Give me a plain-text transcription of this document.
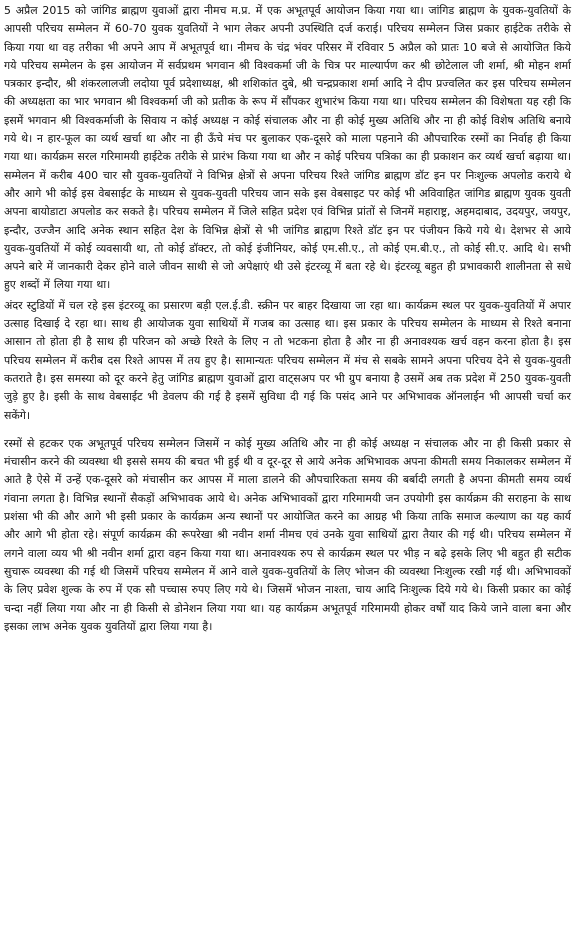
5 अप्रैल 2015 को जांगिड ब्राह्मण युवाओं द्वारा नीमच म.प्र. में एक अभूतपूर्व आयोजन किया गया था। जांगिड ब्राह्मण के युवक-युवतियों के आपसी परिचय सम्मेलन में 60-70 युवक युवतियों ने भाग लेकर अपनी उपस्थिति दर्ज कराई। परिचय सम्मेलन जिस प्रकार हाईटेक तरीके से किया गया था वह तरीका भी अपने आप में अभूतपूर्व था। नीमच के चंद्र भंवर परिसर में रविवार 5 अप्रैल को प्रातः 10 बजे से आयोजित किये गये परिचय सम्मेलन के इस आयोजन में सर्वप्रथम भगवान श्री विश्वकर्मा जी के चित्र पर माल्यार्पण कर श्री छोटेलाल जी शर्मा, श्री मोहन शर्मा पत्रकार इन्दौर, श्री शंकरलालजी लदोया पूर्व प्रदेशाध्यक्ष, श्री शशिकांत दुबे, श्री चन्द्रप्रकाश शर्मा आदि ने दीप प्रज्वलित कर इस परिचय सम्मेलन की अध्यक्षता का भार भगवान श्री विश्वकर्मा जी को प्रतीक के रूप में सौंपकर शुभारंभ किया गया था। परिचय सम्मेलन की विशेषता यह रही कि इसमें भगवान श्री विश्वकर्माजी के सिवाय न कोई अध्यक्ष न कोई संचालक और ना ही कोई मुख्य अतिथि और ना ही कोई विशेष अतिथि बनाये गये थे। न हार-फूल का व्यर्थ खर्चा था और ना ही ऊँचे मंच पर बुलाकर एक-दूसरे को माला पहनाने की औपचारिक रस्मों का निर्वाह ही किया गया था। कार्यक्रम सरल गरिमामयी हाईटेक तरीके से प्रारंभ किया गया था और न कोई परिचय पत्रिका का ही प्रकाशन कर व्यर्थ खर्चा बढ़ाया था। सम्मेलन में करीब 400 चार सौ युवक-युवतियों ने विभिन्न क्षेत्रों से अपना परिचय रिश्ते जांगिड ब्राह्मण डॉट इन पर निःशुल्क अपलोड कराये थे और आगे भी कोई इस वेबसाईट के माध्यम से युवक-युवती परिचय जान सके इस वेबसाइट पर कोई भी अविवाहित जांगिड ब्राह्मण युवक युवती अपना बायोडाटा अपलोड कर सकते है। परिचय सम्मेलन में जिले सहित प्रदेश एवं विभिन्न प्रांतों से जिनमें महाराष्ट्र, अहमदाबाद, उदयपुर, जयपुर, इन्दौर, उज्जैन आदि अनेक स्थान सहित देश के विभिन्न क्षेत्रों से भी जांगिड ब्राह्मण रिश्ते डॉट इन पर पंजीयन किये गये थे। देशभर से आये युवक-युवतियों में कोई व्यवसायी था, तो कोई डॉक्टर, तो कोई इंजीनियर, कोई एम.सी.ए., तो कोई एम.बी.ए., तो कोई सी.ए. आदि थे। सभी अपने बारे में जानकारी देकर होने वाले जीवन साथी से जो अपेक्षाएं थी उसे इंटरव्यू में बता रहे थे। इंटरव्यू बहुत ही प्रभावकारी शालीनता से सधे हुए शब्दों में लिया गया था।

अंदर स्टुडियों में चल रहे इस इंटरव्यू का प्रसारण बड़ी एल.ई.डी. स्क्रीन पर बाहर दिखाया जा रहा था। कार्यक्रम स्थल पर युवक-युवतियों में अपार उत्साह दिखाई दे रहा था। साथ ही आयोजक युवा साथियों में गजब का उत्साह था। इस प्रकार के परिचय सम्मेलन के माध्यम से रिश्ते बनाना आसान तो होता ही है साथ ही परिजन को अच्छे रिश्ते के लिए न तो भटकना होता है और ना ही अनावश्यक खर्च वहन करना होता है। इस परिचय सम्मेलन में करीब दस रिश्ते आपस में तय हुए है। सामान्यतः परिचय सम्मेलन में मंच से सबके सामने अपना परिचय देने से युवक-युवती कतराते है। इस समस्या को दूर करने हेतु जांगिड ब्राह्मण युवाओं द्वारा वाट्सअप पर भी ग्रुप बनाया है उसमें अब तक प्रदेश में 250 युवक-युवती जुड़े हुए है। इसी के साथ वेबसाईट भी डेवलप की गई है इसमें सुविधा दी गई कि पसंद आने पर अभिभावक ऑनलाईन भी आपसी चर्चा कर सकेंगे।

रस्मों से हटकर एक अभूतपूर्व परिचय सम्मेलन जिसमें न कोई मुख्य अतिथि और ना ही कोई अध्यक्ष न संचालक और ना ही किसी प्रकार से मंचासीन करने की व्यवस्था थी इससे समय की बचत भी हुई थी व दूर-दूर से आये अनेक अभिभावक अपना कीमती समय निकालकर सम्मेलन में आते है ऐसे में उन्हें एक-दूसरे को मंचासीन कर आपस में माला डालने की औपचारिकता समय की बर्बादी लगती है अपना कीमती समय व्यर्थ गंवाना लगता है। विभिन्न स्थानों सैकड़ों अभिभावक आये थे। अनेक अभिभावकों द्वारा गरिमामयी जन उपयोगी इस कार्यक्रम की सराहना के साथ प्रशंसा भी की और आगे भी इसी प्रकार के कार्यक्रम अन्य स्थानों पर आयोजित करने का आग्रह भी किया ताकि समाज कल्याण का यह कार्य और आगे भी होता रहे। संपूर्ण कार्यक्रम की रूपरेखा श्री नवीन शर्मा नीमच एवं उनके युवा साथियों द्वारा तैयार की गई थी। परिचय सम्मेलन में लगने वाला व्यय भी श्री नवीन शर्मा द्वारा वहन किया गया था। अनावश्यक रुप से कार्यक्रम स्थल पर भीड़ न बढ़े इसके लिए भी बहुत ही सटीक सुचारू व्यवस्था की गई थी जिसमें परिचय सम्मेलन में आने वाले युवक-युवतियों के लिए भोजन की व्यवस्था निःशुल्क रखी गई थी। अभिभावकों के लिए प्रवेश शुल्क के रुप में एक सौ पच्चास रुपए लिए गये थे। जिसमें भोजन नाश्ता, चाय आदि निःशुल्क दिये गये थे। किसी प्रकार का कोई चन्दा नहीं लिया गया और ना ही किसी से डोनेशन लिया गया था। यह कार्यक्रम अभूतपूर्व गरिमामयी होकर वर्षों याद किये जाने वाला बना और इसका लाभ अनेक युवक युवतियों द्वारा लिया गया है।
